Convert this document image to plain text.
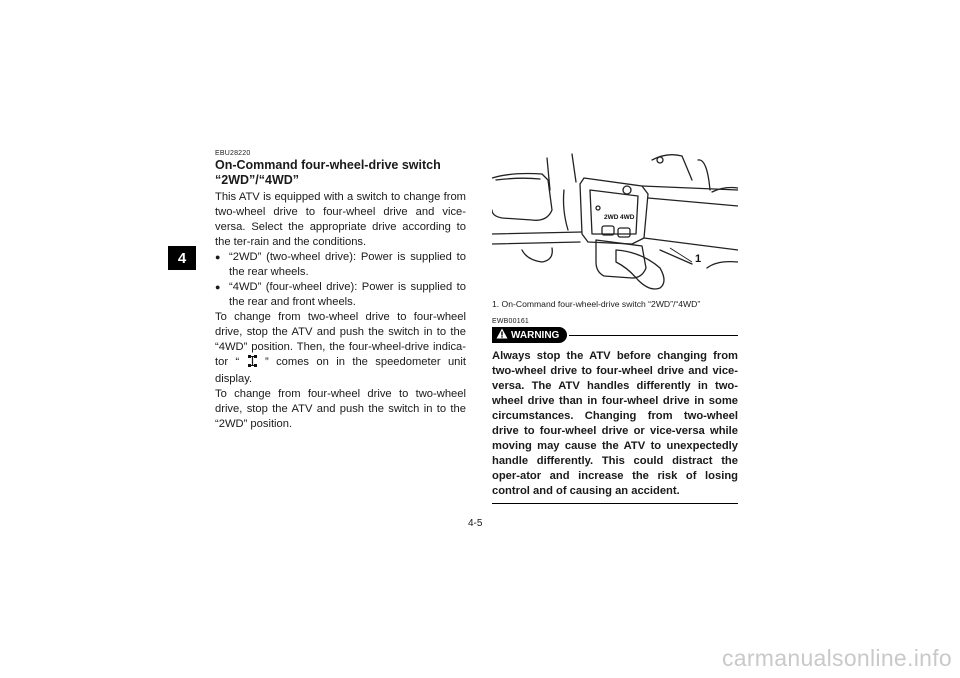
4

EBU28220

On-Command four-wheel-drive switch
“2WD”/“4WD”

This ATV is equipped with a switch to change from two-wheel drive to four-wheel drive and vice-versa. Select the appropriate drive according to the ter-rain and the conditions.

● “2WD” (two-wheel drive): Power is supplied to the rear wheels.
● “4WD” (four-wheel drive): Power is supplied to the rear and front wheels.

To change from two-wheel drive to four-wheel drive, stop the ATV and push the switch in to the “4WD” position. Then, the four-wheel-drive indica-tor “ ” comes on in the speedometer unit display.

To change from four-wheel drive to two-wheel drive, stop the ATV and push the switch in to the “2WD” position.

2WD 4WD
1
1. On-Command four-wheel-drive switch “2WD”/“4WD”

EWB00161

WARNING

Always stop the ATV before changing from two-wheel drive to four-wheel drive and vice-versa. The ATV handles differently in two-wheel drive than in four-wheel drive in some circumstances. Changing from two-wheel drive to four-wheel drive or vice-versa while moving may cause the ATV to unexpectedly handle differently. This could distract the oper-ator and increase the risk of losing control and of causing an accident.

4-5
carmanualsonline.info
